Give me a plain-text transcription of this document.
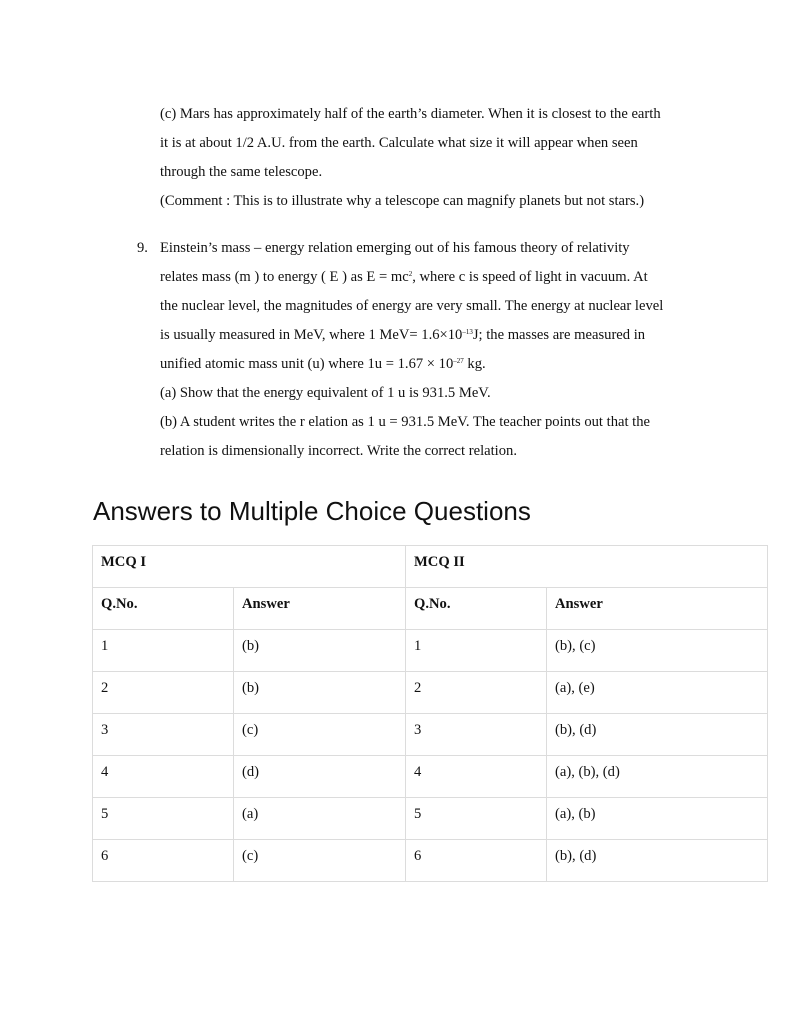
(c) Mars has approximately half of the earth’s diameter. When it is closest to the earth
it is at about 1/2 A.U. from the earth. Calculate what size it will appear when seen
through the same telescope.
(Comment : This is to illustrate why a telescope can magnify planets but not stars.)
9. Einstein’s mass – energy relation emerging out of his famous theory of relativity
relates mass (m ) to energy ( E ) as $E = mc^2$, where c is speed of light in vacuum. At
the nuclear level, the magnitudes of energy are very small. The energy at nuclear level
is usually measured in MeV, where 1 $MeV= 1.6\times 10^{-13}J$; the masses are measured in
unified atomic mass unit (u) where $1u = 1.67 \times 10^{-27}$ kg.
(a) Show that the energy equivalent of 1 u is 931.5 MeV.
(b) A student writes the r elation as 1 u = 931.5 MeV. The teacher points out that the
relation is dimensionally incorrect. Write the correct relation.
Answers to Multiple Choice Questions
MCQ I		MCQ II	
Q.No.	Answer	Q.No.	Answer
1	(b)	1	(b), (c)
2	(b)	2	(a), (e)
3	(c)	3	(b), (d)
4	(d)	4	(a), (b), (d)
5	(a)	5	(a), (b)
6	(c)	6	(b), (d)
